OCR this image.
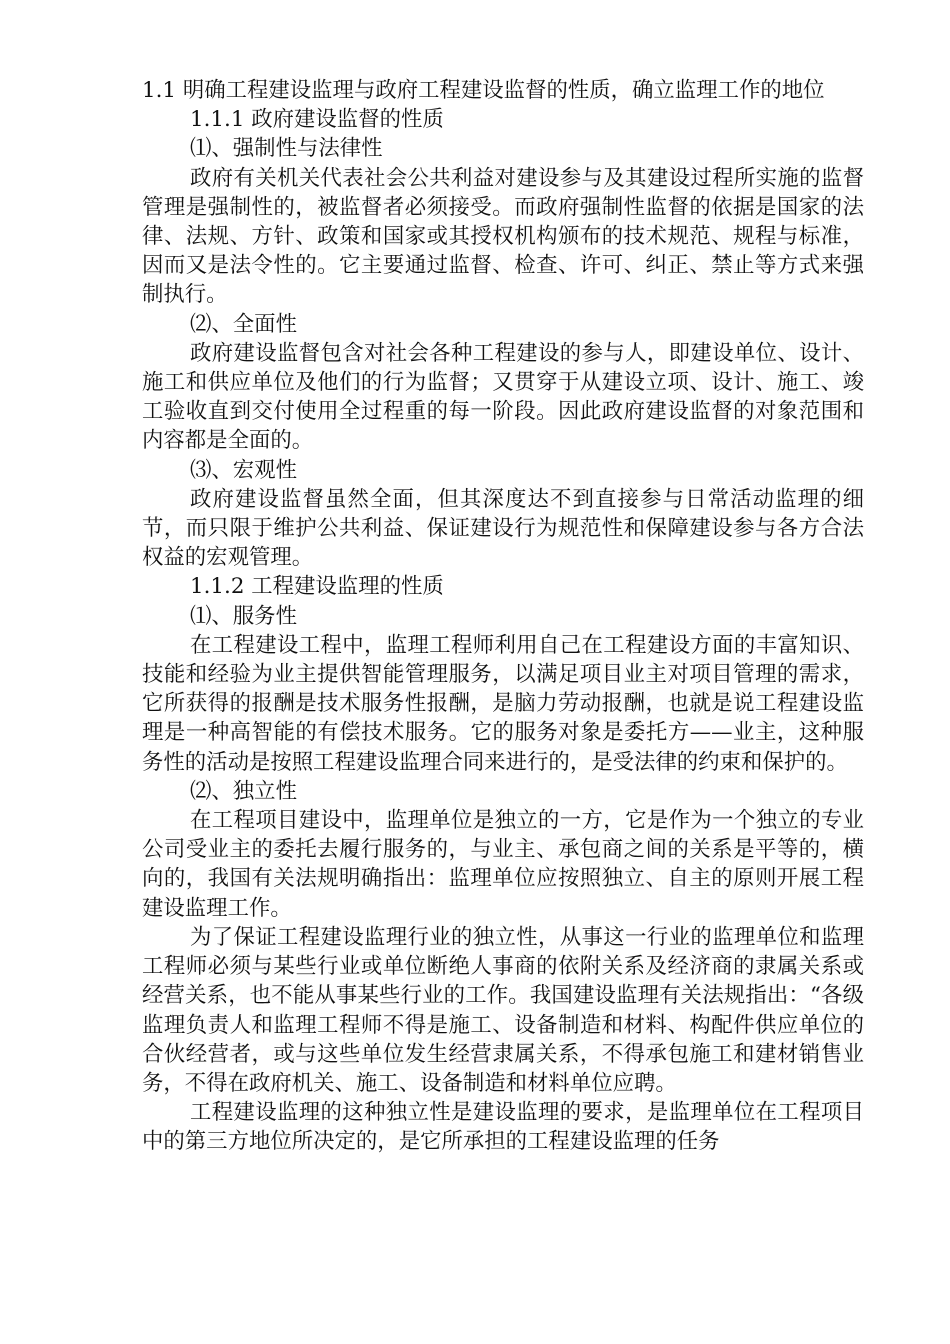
1.1 明确工程建设监理与政府工程建设监督的性质，确立监理工作的地位

1.1.1 政府建设监督的性质

⑴、强制性与法律性

政府有关机关代表社会公共利益对建设参与及其建设过程所实施的监督管理是强制性的，被监督者必须接受。而政府强制性监督的依据是国家的法律、法规、方针、政策和国家或其授权机构颁布的技术规范、规程与标准，因而又是法令性的。它主要通过监督、检查、许可、纠正、禁止等方式来强制执行。

⑵、全面性

政府建设监督包含对社会各种工程建设的参与人，即建设单位、设计、施工和供应单位及他们的行为监督；又贯穿于从建设立项、设计、施工、竣工验收直到交付使用全过程重的每一阶段。因此政府建设监督的对象范围和内容都是全面的。

⑶、宏观性

政府建设监督虽然全面，但其深度达不到直接参与日常活动监理的细节，而只限于维护公共利益、保证建设行为规范性和保障建设参与各方合法权益的宏观管理。

1.1.2 工程建设监理的性质

⑴、服务性

在工程建设工程中，监理工程师利用自己在工程建设方面的丰富知识、技能和经验为业主提供智能管理服务，以满足项目业主对项目管理的需求，它所获得的报酬是技术服务性报酬，是脑力劳动报酬，也就是说工程建设监理是一种高智能的有偿技术服务。它的服务对象是委托方——业主，这种服务性的活动是按照工程建设监理合同来进行的，是受法律的约束和保护的。

⑵、独立性

在工程项目建设中，监理单位是独立的一方，它是作为一个独立的专业公司受业主的委托去履行服务的，与业主、承包商之间的关系是平等的，横向的，我国有关法规明确指出：监理单位应按照独立、自主的原则开展工程建设监理工作。

为了保证工程建设监理行业的独立性，从事这一行业的监理单位和监理工程师必须与某些行业或单位断绝人事商的依附关系及经济商的隶属关系或经营关系，也不能从事某些行业的工作。我国建设监理有关法规指出：“各级监理负责人和监理工程师不得是施工、设备制造和材料、构配件供应单位的合伙经营者，或与这些单位发生经营隶属关系，不得承包施工和建材销售业务，不得在政府机关、施工、设备制造和材料单位应聘。

工程建设监理的这种独立性是建设监理的要求，是监理单位在工程项目中的第三方地位所决定的，是它所承担的工程建设监理的任务
